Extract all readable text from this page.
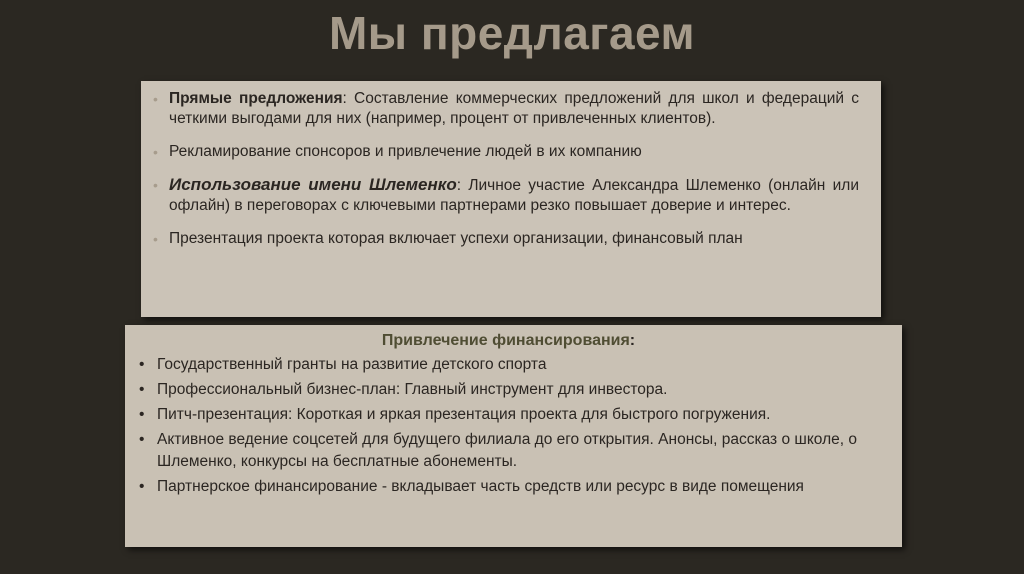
Мы предлагаем
• Прямые предложения: Составление коммерческих предложений для школ и федераций с четкими выгодами для них (например, процент от привлеченных клиентов).
• Рекламирование спонсоров и привлечение людей в их компанию
• Использование имени Шлеменко: Личное участие Александра Шлеменко (онлайн или офлайн) в переговорах с ключевыми партнерами резко повышает доверие и интерес.
• Презентация проекта которая включает успехи организации, финансовый план
Привлечение финансирования:
• Государственный гранты на развитие детского спорта
• Профессиональный бизнес-план: Главный инструмент для инвестора.
• Питч-презентация: Короткая и яркая презентация проекта для быстрого погружения.
• Активное ведение соцсетей для будущего филиала до его открытия. Анонсы, рассказ о школе, о Шлеменко, конкурсы на бесплатные абонементы.
• Партнерское финансирование - вкладывает часть средств или ресурс в виде помещения
